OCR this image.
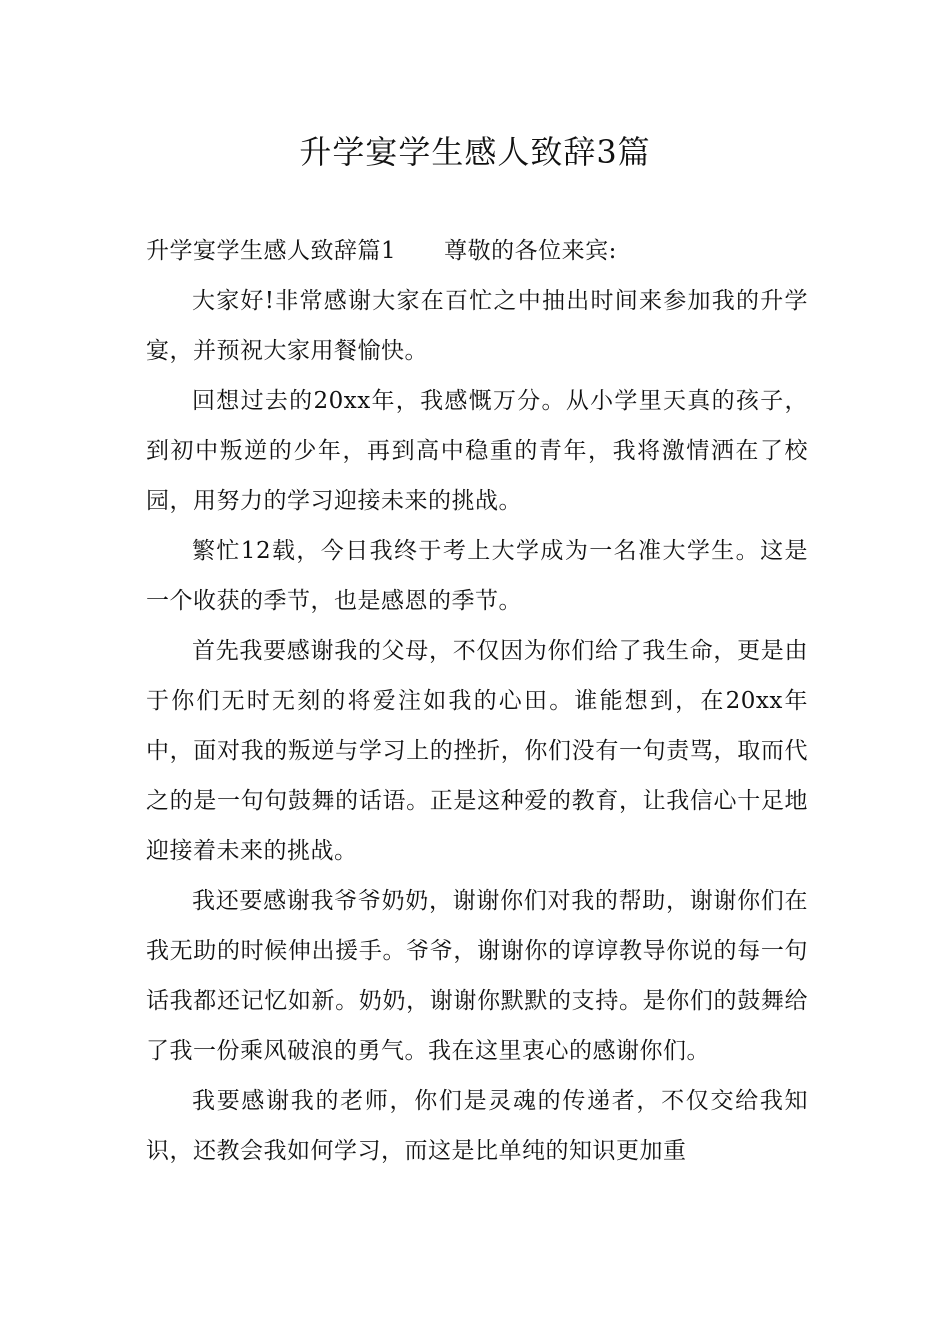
升学宴学生感人致辞3篇

升学宴学生感人致辞篇1 尊敬的各位来宾:

大家好!非常感谢大家在百忙之中抽出时间来参加我的升学宴，并预祝大家用餐愉快。

回想过去的20xx年，我感慨万分。从小学里天真的孩子，到初中叛逆的少年，再到高中稳重的青年，我将激情洒在了校园，用努力的学习迎接未来的挑战。

繁忙12载，今日我终于考上大学成为一名准大学生。这是一个收获的季节，也是感恩的季节。

首先我要感谢我的父母，不仅因为你们给了我生命，更是由于你们无时无刻的将爱注如我的心田。谁能想到，在20xx年中，面对我的叛逆与学习上的挫折，你们没有一句责骂，取而代之的是一句句鼓舞的话语。正是这种爱的教育，让我信心十足地迎接着未来的挑战。

我还要感谢我爷爷奶奶，谢谢你们对我的帮助，谢谢你们在我无助的时候伸出援手。爷爷，谢谢你的谆谆教导你说的每一句话我都还记忆如新。奶奶，谢谢你默默的支持。是你们的鼓舞给了我一份乘风破浪的勇气。我在这里衷心的感谢你们。

我要感谢我的老师，你们是灵魂的传递者，不仅交给我知识，还教会我如何学习，而这是比单纯的知识更加重
